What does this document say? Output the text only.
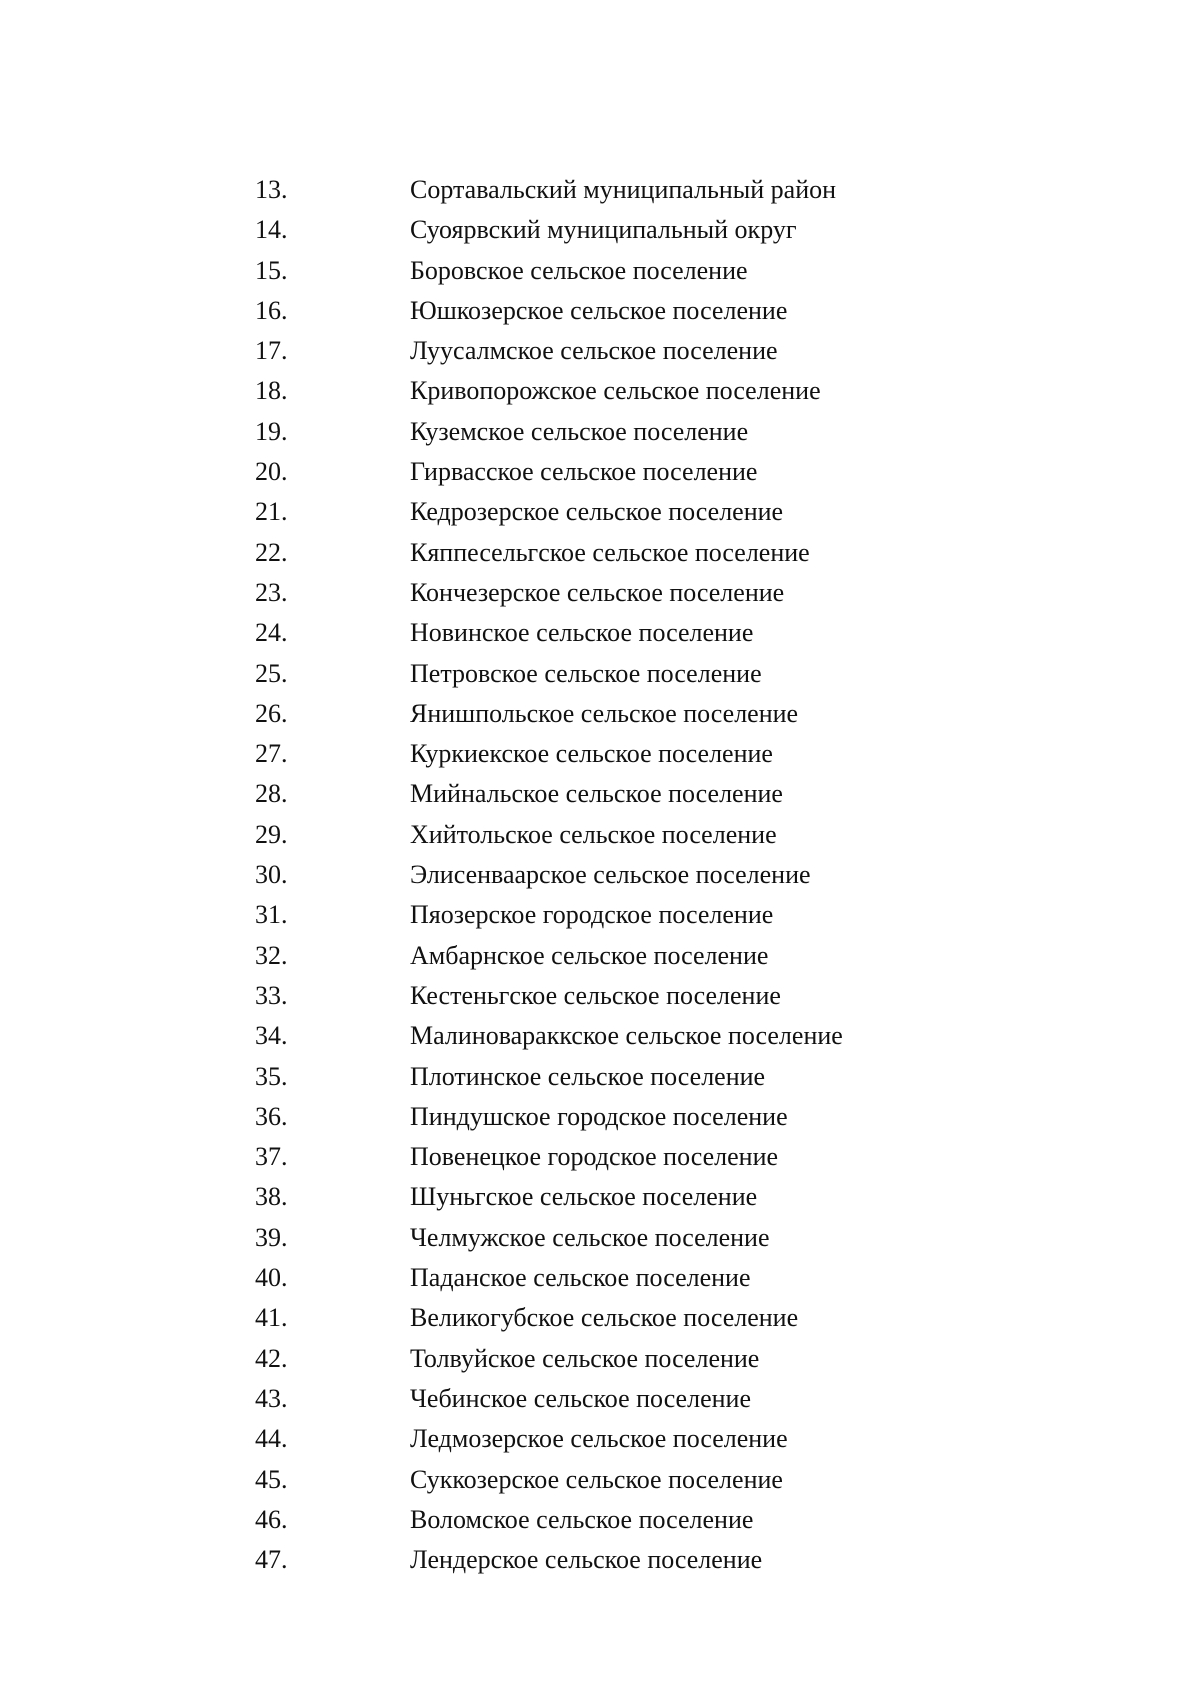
13.	Сортавальский муниципальный район
14.	Суоярвский муниципальный округ
15.	Боровское сельское поселение
16.	Юшкозерское сельское поселение
17.	Луусалмское сельское поселение
18.	Кривопорожское сельское поселение
19.	Куземское сельское поселение
20.	Гирвасское сельское поселение
21.	Кедрозерское сельское поселение
22.	Кяппесельгское сельское поселение
23.	Кончезерское сельское поселение
24.	Новинское сельское поселение
25.	Петровское сельское поселение
26.	Янишпольское сельское поселение
27.	Куркиекское сельское поселение
28.	Мийнальское сельское поселение
29.	Хийтольское сельское поселение
30.	Элисенваарское сельское поселение
31.	Пяозерское городское поселение
32.	Амбарнское сельское поселение
33.	Кестеньгское сельское поселение
34.	Малиновараккское сельское поселение
35.	Плотинское сельское поселение
36.	Пиндушское городское поселение
37.	Повенецкое городское поселение
38.	Шуньгское сельское поселение
39.	Челмужское сельское поселение
40.	Паданское сельское поселение
41.	Великогубское сельское поселение
42.	Толвуйское сельское поселение
43.	Чебинское сельское поселение
44.	Ледмозерское сельское поселение
45.	Суккозерское сельское поселение
46.	Воломское сельское поселение
47.	Лендерское сельское поселение
